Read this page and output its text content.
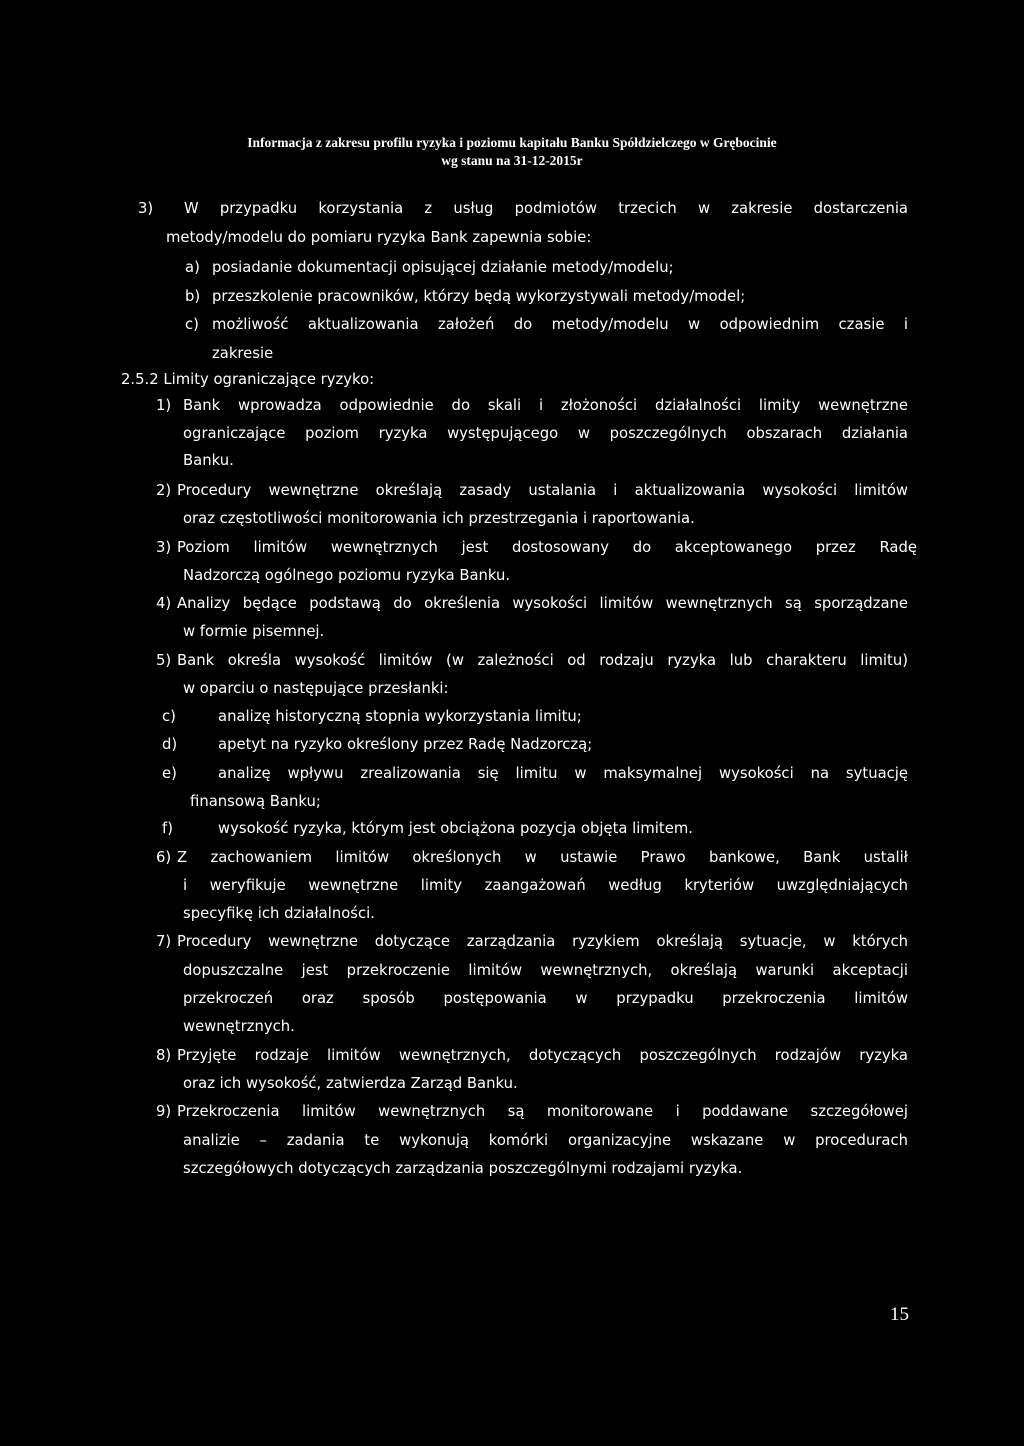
Informacja z zakresu profilu ryzyka i poziomu kapitału Banku Spółdzielczego w Grębocinie
wg stanu na 31-12-2015r
3) W przypadku korzystania z usług podmiotów trzecich w zakresie dostarczenia
metody/modelu do pomiaru ryzyka Bank zapewnia sobie:
a) posiadanie dokumentacji opisującej działanie metody/modelu;
b) przeszkolenie pracowników, którzy będą wykorzystywali metody/model;
c) możliwość aktualizowania założeń do metody/modelu w odpowiednim czasie i
zakresie
2.5.2 Limity ograniczające ryzyko:
1) Bank wprowadza odpowiednie do skali i złożoności działalności limity wewnętrzne
ograniczające poziom ryzyka występującego w poszczególnych obszarach działania
Banku.
2) Procedury wewnętrzne określają zasady ustalania i aktualizowania wysokości limitów
oraz częstotliwości monitorowania ich przestrzegania i raportowania.
3) Poziom limitów wewnętrznych jest dostosowany do akceptowanego przez Radę
Nadzorczą ogólnego poziomu ryzyka Banku.
4) Analizy będące podstawą do określenia wysokości limitów wewnętrznych są sporządzane
w formie pisemnej.
5) Bank określa wysokość limitów (w zależności od rodzaju ryzyka lub charakteru limitu)
w oparciu o następujące przesłanki:
c)	analizę historyczną stopnia wykorzystania limitu;
d)	apetyt na ryzyko określony przez Radę Nadzorczą;
e)	analizę wpływu zrealizowania się limitu w maksymalnej wysokości na sytuację
finansową Banku;
f)	wysokość ryzyka, którym jest obciążona pozycja objęta limitem.
6) Z zachowaniem limitów określonych w ustawie Prawo bankowe, Bank ustalił
i weryfikuje wewnętrzne limity zaangażowań według kryteriów uwzględniających
specyfikę ich działalności.
7) Procedury wewnętrzne dotyczące zarządzania ryzykiem określają sytuacje, w których
dopuszczalne jest przekroczenie limitów wewnętrznych, określają warunki akceptacji
przekroczeń oraz sposób postępowania w przypadku przekroczenia limitów
wewnętrznych.
8) Przyjęte rodzaje limitów wewnętrznych, dotyczących poszczególnych rodzajów ryzyka
oraz ich wysokość, zatwierdza Zarząd Banku.
9) Przekroczenia limitów wewnętrznych są monitorowane i poddawane szczegółowej
analizie – zadania te wykonują komórki organizacyjne wskazane w procedurach
szczegółowych dotyczących zarządzania poszczególnymi rodzajami ryzyka.
15
